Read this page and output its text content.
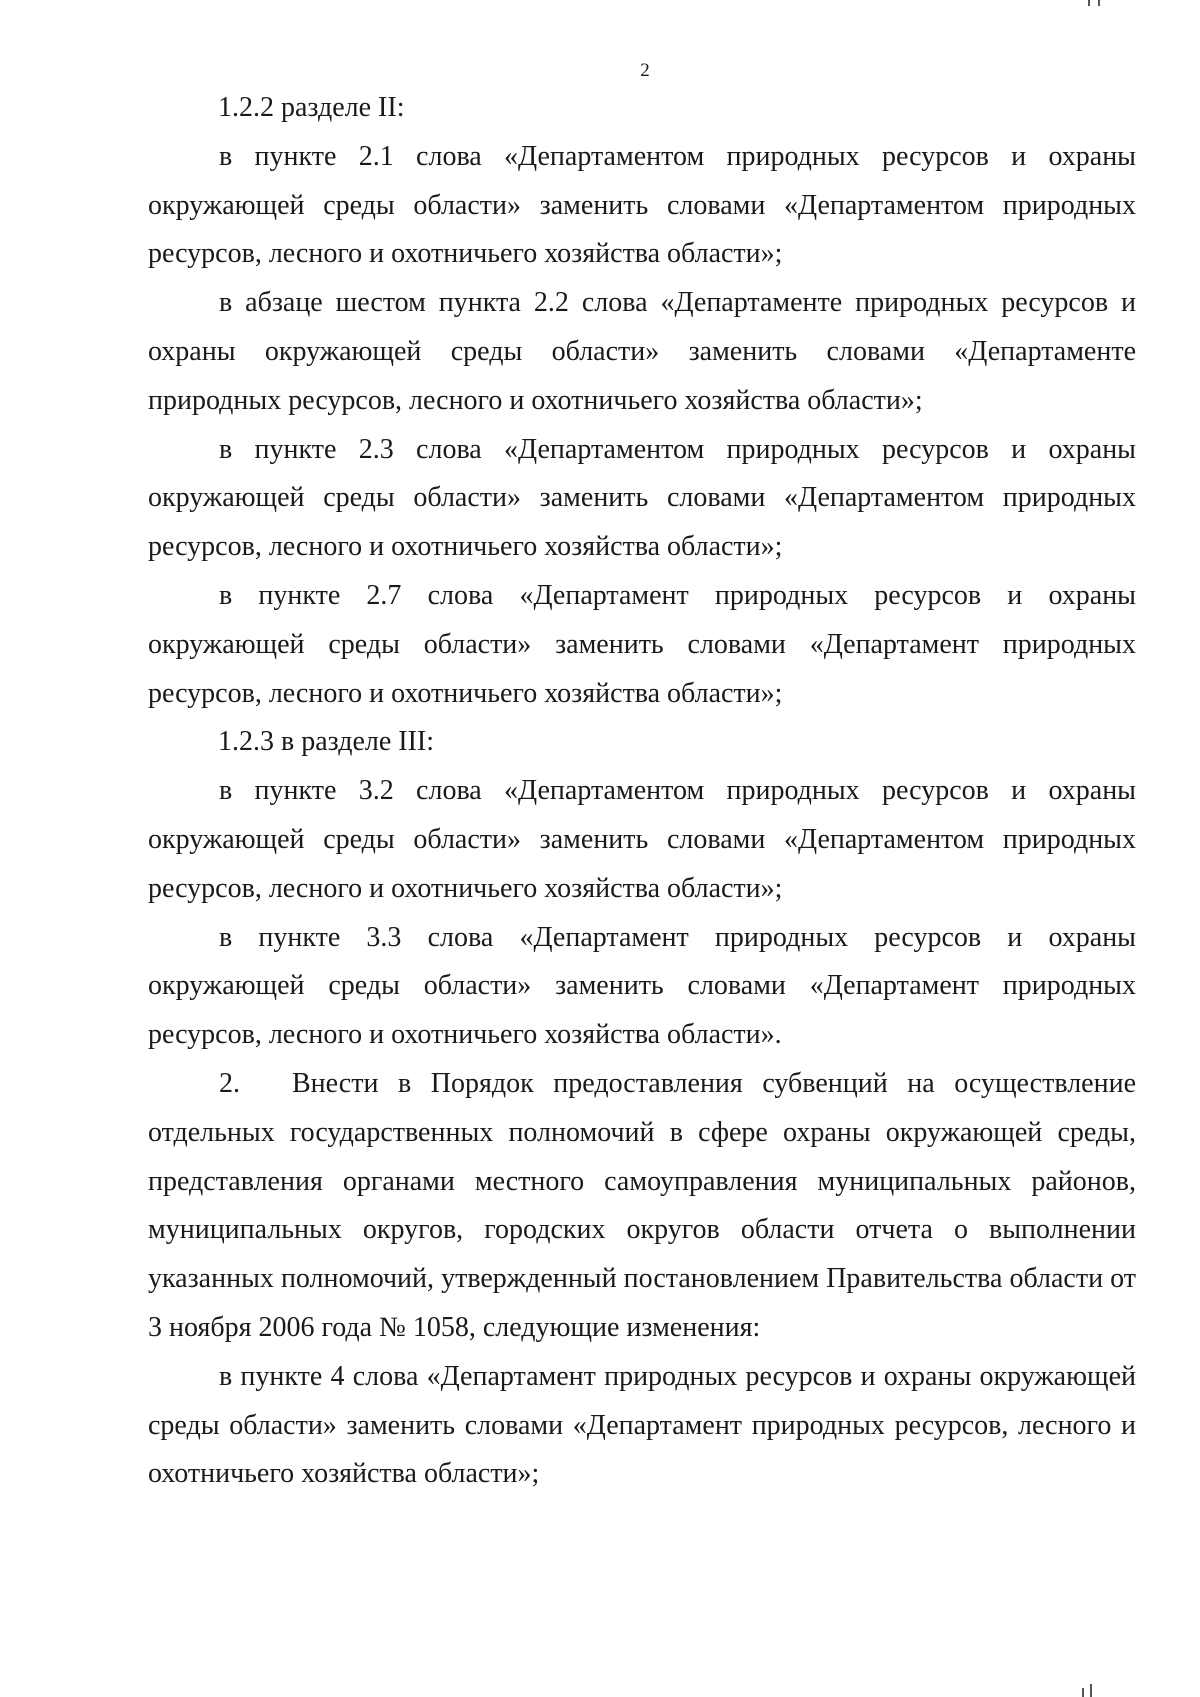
2

1.2.2 разделе II:

в пункте 2.1 слова «Департаментом природных ресурсов и охраны окружающей среды области» заменить словами «Департаментом природных ресурсов, лесного и охотничьего хозяйства области»;

в абзаце шестом пункта 2.2 слова «Департаменте природных ресурсов и охраны окружающей среды области» заменить словами «Департаменте природных ресурсов, лесного и охотничьего хозяйства области»;

в пункте 2.3 слова «Департаментом природных ресурсов и охраны окружающей среды области» заменить словами «Департаментом природных ресурсов, лесного и охотничьего хозяйства области»;

в пункте 2.7 слова «Департамент природных ресурсов и охраны окружающей среды области» заменить словами «Департамент природных ресурсов, лесного и охотничьего хозяйства области»;

1.2.3 в разделе III:

в пункте 3.2 слова «Департаментом природных ресурсов и охраны окружающей среды области» заменить словами «Департаментом природных ресурсов, лесного и охотничьего хозяйства области»;

в пункте 3.3 слова «Департамент природных ресурсов и охраны окружающей среды области» заменить словами «Департамент природных ресурсов, лесного и охотничьего хозяйства области».

2. Внести в Порядок предоставления субвенций на осуществление отдельных государственных полномочий в сфере охраны окружающей среды, представления органами местного самоуправления муниципальных районов, муниципальных округов, городских округов области отчета о выполнении указанных полномочий, утвержденный постановлением Правительства области от 3 ноября 2006 года № 1058, следующие изменения:

в пункте 4 слова «Департамент природных ресурсов и охраны окружающей среды области» заменить словами «Департамент природных ресурсов, лесного и охотничьего хозяйства области»;
